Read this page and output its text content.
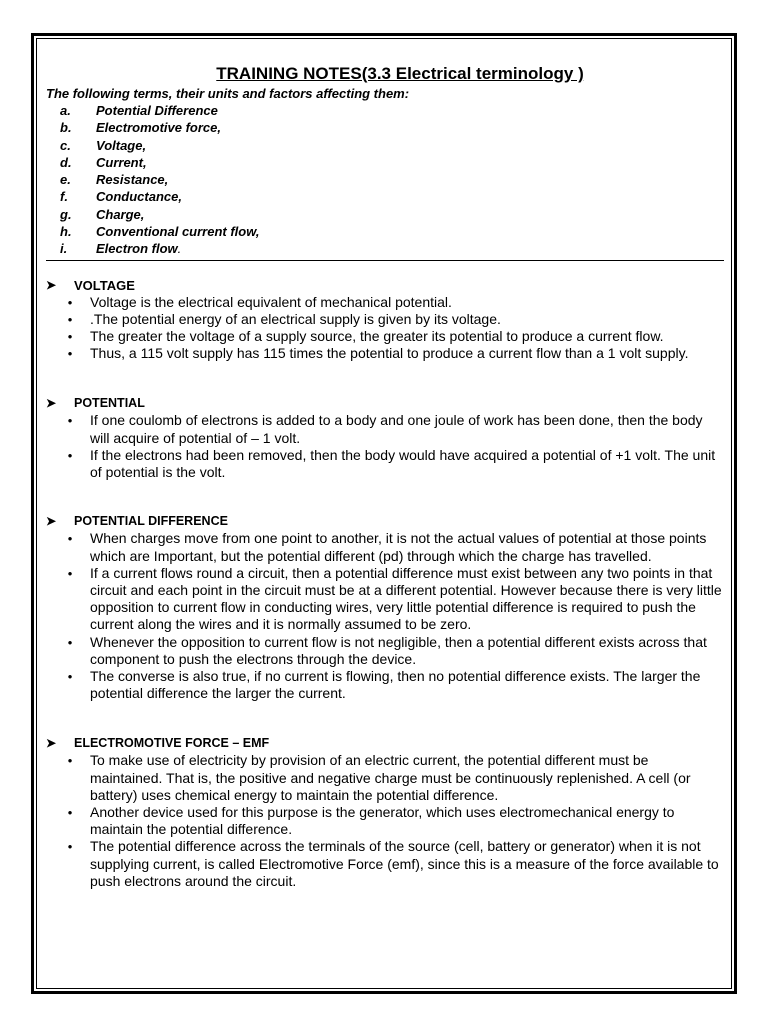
TRAINING NOTES(3.3 Electrical terminology )

The following terms, their units and factors affecting them:

a.	Potential Difference
b.	Electromotive force,
c.	Voltage,
d.	Current,
e.	Resistance,
f.	Conductance,
g.	Charge,
h.	Conventional current flow,
i.	Electron flow .
➤	VOLTAGE
•	Voltage is the electrical equivalent of mechanical potential.
•	.The potential energy of an electrical supply is given by its voltage.
•	The greater the voltage of a supply source, the greater its potential to produce a current flow.
•	Thus, a 115 volt supply has 115 times the potential to produce a current flow than a 1 volt supply.
➤	POTENTIAL
•	If one coulomb of electrons is added to a body and one joule of work has been done, then the body will acquire of potential of – 1 volt.
•	If the electrons had been removed, then the body would have acquired a potential of +1 volt. The unit of potential is the volt.
➤	POTENTIAL DIFFERENCE
•	When charges move from one point to another, it is not the actual values of potential at those points which are Important, but the potential different (pd) through which the charge has travelled.
•	If a current flows round a circuit, then a potential difference must exist between any two points in that circuit and each point in the circuit must be at a different potential. However because there is very little opposition to current flow in conducting wires, very little potential difference is required to push the current along the wires and it is normally assumed to be zero.
•	Whenever the opposition to current flow is not negligible, then a potential different exists across that component to push the electrons through the device.
•	The converse is also true, if no current is flowing, then no potential difference exists. The larger the potential difference the larger the current.
➤	ELECTROMOTIVE FORCE – EMF
•	To make use of electricity by provision of an electric current, the potential different must be maintained. That is, the positive and negative charge must be continuously replenished. A cell (or battery) uses chemical energy to maintain the potential difference.
•	Another device used for this purpose is the generator, which uses electromechanical energy to maintain the potential difference.
•	The potential difference across the terminals of the source (cell, battery or generator) when it is not supplying current, is called Electromotive Force (emf), since this is a measure of the force available to push electrons around the circuit.
